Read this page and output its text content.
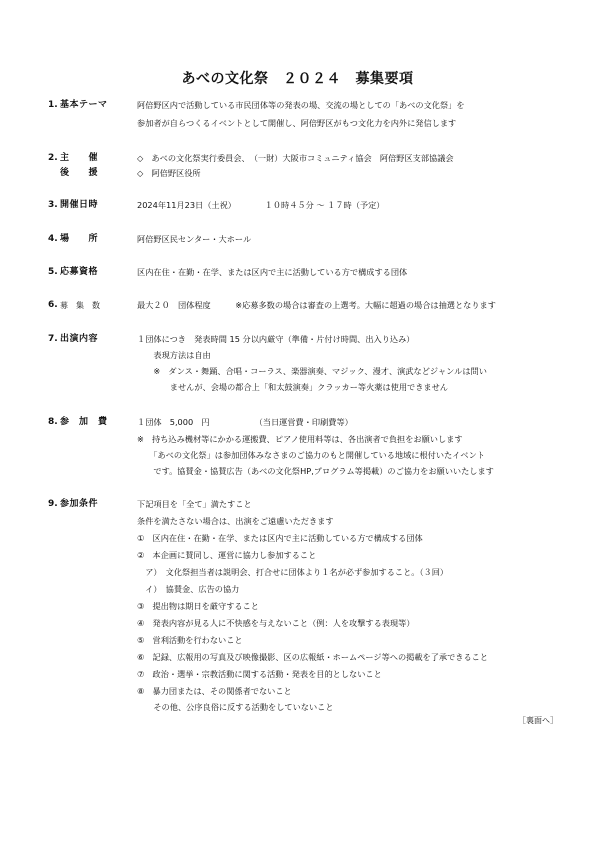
あべの文化祭　２０２４　募集要項
1. 基本テーマ	阿倍野区内で活動している市民団体等の発表の場、交流の場としての「あべの文化祭」を
参加者が自らつくるイベントとして開催し、阿倍野区がもつ文化力を内外に発信します
2. 主　　催	◇　あべの文化祭実行委員会、　（一財）大阪市コミュニティ協会　阿倍野区支部協議会
後　　援	◇　阿倍野区役所
3. 開催日時	2024年11月23日（土祝）　　　　１０時４５分 ～ １７時（予定）
4. 場　　所	阿倍野区民センター・大ホール
5. 応募資格	区内在住・在勤・在学、または区内で主に活動している方で構成する団体
6. 募　集　数	最大２０　団体程度　　　※応募多数の場合は審査の上選考。大幅に超過の場合は抽選となります
7. 出演内容	１団体につき　発表時間 15 分以内厳守（準備・片付け時間、出入り込み）
　　表現方法は自由
　　※　ダンス・舞踊、合唱・コーラス、楽器演奏、マジック、漫才、演武などジャンルは問い
　　　　ませんが、会場の都合上「和太鼓演奏」クラッカー等火薬は使用できません
8. 参　加　費	１団体　5,000　円　　　　　　（当日運営費・印刷費等）
※　持ち込み機材等にかかる運搬費、ピアノ使用料等は、各出演者で負担をお願いします
　　「あべの文化祭」は参加団体みなさまのご協力のもと開催している地域に根付いたイベント
　　です。協賛金・協賛広告（あべの文化祭HP,プログラム等掲載）のご協力をお願いいたします
9. 参加条件	下記項目を「全て」満たすこと
条件を満たさない場合は、出演をご遠慮いただきます
①　区内在住・在勤・在学、または区内で主に活動している方で構成する団体
②　本企画に賛同し、運営に協力し参加すること
　ア）　文化祭担当者は説明会、打合せに団体より１名が必ず参加すること。（３回）
　イ）　協賛金、広告の協力
③　提出物は期日を厳守すること
④　発表内容が見る人に不快感を与えないこと（例：人を攻撃する表現等）
⑤　営利活動を行わないこと
⑥　記録、広報用の写真及び映像撮影、区の広報紙・ホームページ等への掲載を了承できること
⑦　政治・選挙・宗教活動に関する活動・発表を目的としないこと
⑧　暴力団または、その関係者でないこと
　　その他、公序良俗に反する活動をしていないこと
［裏面へ］
